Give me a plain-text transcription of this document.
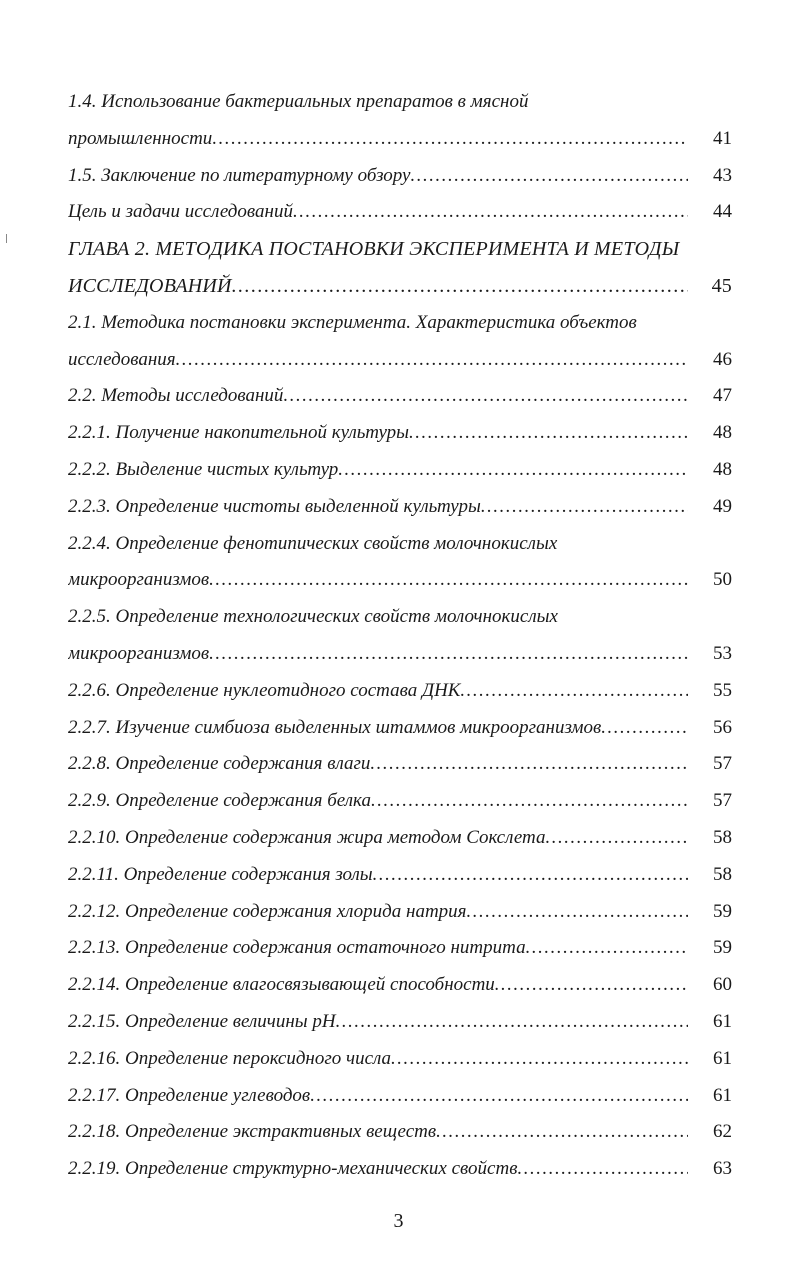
1.4. Использование бактериальных препаратов в мясной
промышленности .....	41
1.5. Заключение по литературному обзору .....	43
Цель и задачи исследований .....	44
ГЛАВА 2. МЕТОДИКА ПОСТАНОВКИ ЭКСПЕРИМЕНТА И МЕТОДЫ
ИССЛЕДОВАНИЙ .....	45
2.1. Методика постановки эксперимента. Характеристика объектов
исследования .....	46
2.2. Методы исследований .....	47
2.2.1. Получение накопительной культуры .....	48
2.2.2. Выделение чистых культур .....	48
2.2.3. Определение чистоты выделенной культуры .....	49
2.2.4. Определение фенотипических свойств молочнокислых
микроорганизмов .....	50
2.2.5. Определение технологических свойств молочнокислых
микроорганизмов .....	53
2.2.6. Определение нуклеотидного состава ДНК .....	55
2.2.7. Изучение симбиоза выделенных штаммов микроорганизмов .....	56
2.2.8. Определение содержания влаги .....	57
2.2.9. Определение содержания белка .....	57
2.2.10. Определение содержания жира методом Сокслета .....	58
2.2.11. Определение содержания золы .....	58
2.2.12. Определение содержания хлорида натрия .....	59
2.2.13. Определение содержания остаточного нитрита .....	59
2.2.14. Определение влагосвязывающей способности .....	60
2.2.15. Определение величины pH .....	61
2.2.16. Определение пероксидного числа .....	61
2.2.17. Определение углеводов .....	61
2.2.18. Определение экстрактивных веществ .....	62
2.2.19. Определение структурно-механических свойств .....	63
3
